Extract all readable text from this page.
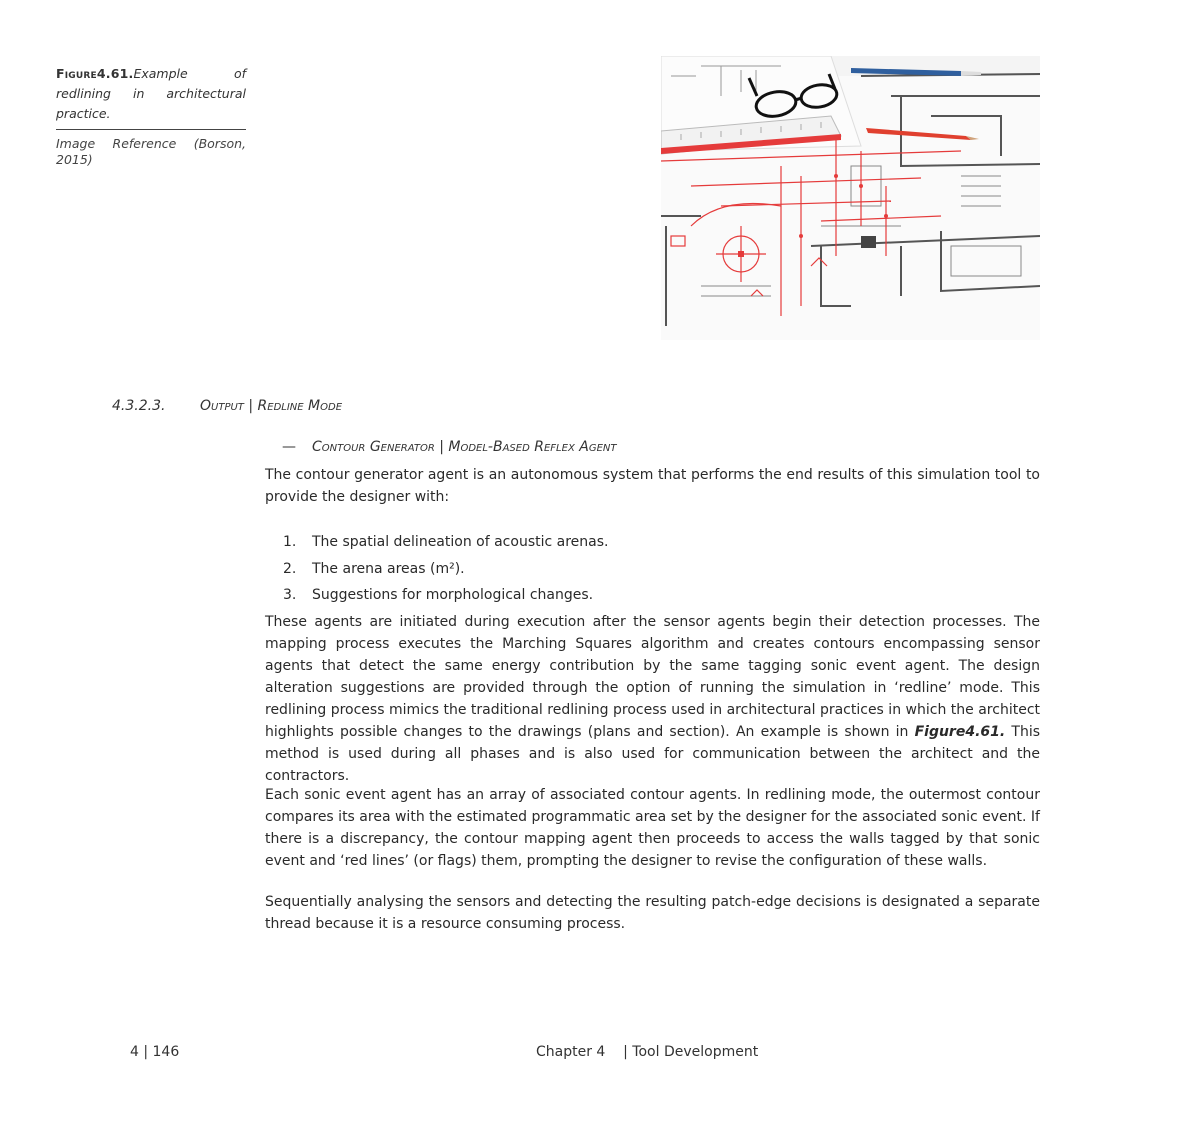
Figure4.61.Example of redlining in architectural practice.
Image Reference (Borson, 2015)
4.3.2.3. Output | Redline Mode
— Contour Generator | Model-Based Reflex Agent
The contour generator agent is an autonomous system that performs the end results of this simulation tool to provide the designer with:
1. The spatial delineation of acoustic arenas.
2. The arena areas (m²).
3. Suggestions for morphological changes.
These agents are initiated during execution after the sensor agents begin their detection processes. The mapping process executes the Marching Squares algorithm and creates contours encompassing sensor agents that detect the same energy contribution by the same tagging sonic event agent. The design alteration suggestions are provided through the option of running the simulation in ‘redline’ mode. This redlining process mimics the traditional redlining process used in architectural practices in which the architect highlights possible changes to the drawings (plans and section). An example is shown in Figure4.61. This method is used during all phases and is also used for communication between the architect and the contractors.
Each sonic event agent has an array of associated contour agents. In redlining mode, the outermost contour compares its area with the estimated programmatic area set by the designer for the associated sonic event. If there is a discrepancy, the contour mapping agent then proceeds to access the walls tagged by that sonic event and ‘red lines’ (or flags) them, prompting the designer to revise the configuration of these walls.
Sequentially analysing the sensors and detecting the resulting patch-edge decisions is designated a separate thread because it is a resource consuming process.
4 | 146	Chapter 4    | Tool Development
